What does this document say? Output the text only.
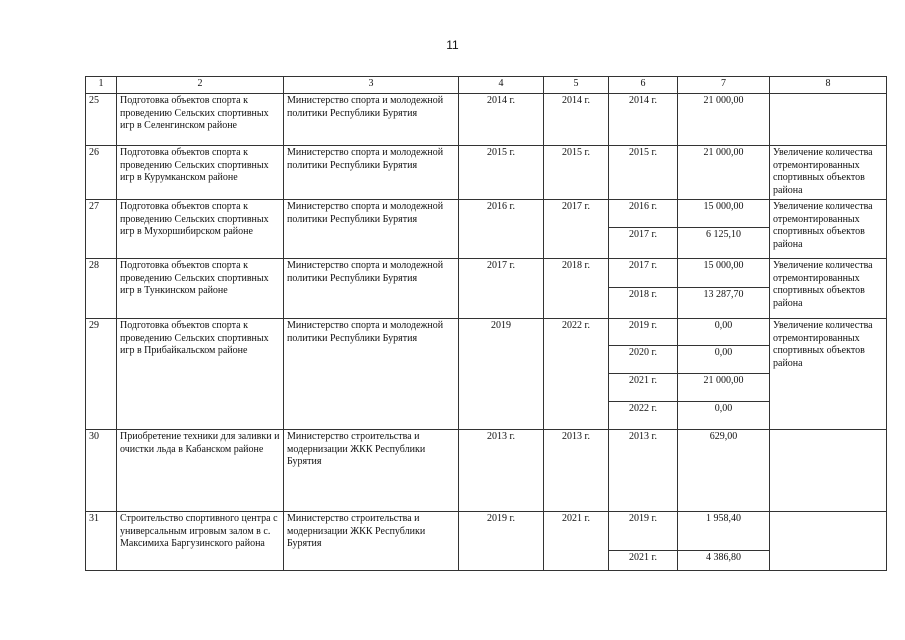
11
1	2	3	4	5	6	7	8
25	Подготовка объектов спорта к проведению Сельских спортивных игр в Селенгинском районе	Министерство спорта и молодежной политики Республики Бурятия	2014 г.	2014 г.	2014 г.	21 000,00	
26	Подготовка объектов спорта к проведению Сельских спортивных игр в Курумканском районе	Министерство спорта и молодежной политики Республики Бурятия	2015 г.	2015 г.	2015 г.	21 000,00	Увеличение количества отремонтированных спортивных объектов района
27	Подготовка объектов спорта к проведению Сельских спортивных игр в Мухоршибирском районе	Министерство спорта и молодежной политики Республики Бурятия	2016 г.	2017 г.	2016 г.	15 000,00	Увеличение количества отремонтированных спортивных объектов района
					2017 г.	6 125,10	
28	Подготовка объектов спорта к проведению Сельских спортивных игр в Тункинском районе	Министерство спорта и молодежной политики Республики Бурятия	2017 г.	2018 г.	2017 г.	15 000,00	Увеличение количества отремонтированных спортивных объектов района
					2018 г.	13 287,70	
29	Подготовка объектов спорта к проведению Сельских спортивных игр в Прибайкальском районе	Министерство спорта и молодежной политики Республики Бурятия	2019	2022 г.	2019 г.	0,00	Увеличение количества отремонтированных спортивных объектов района
					2020 г.	0,00	
					2021 г.	21 000,00	
					2022 г.	0,00	
30	Приобретение техники для заливки и очистки льда в Кабанском районе	Министерство строительства и модернизации ЖКК Республики Бурятия	2013 г.	2013 г.	2013 г.	629,00	
31	Строительство спортивного центра с универсальным игровым залом в с. Максимиха Баргузинского района	Министерство строительства и модернизации ЖКК Республики Бурятия	2019 г.	2021 г.	2019 г.	1 958,40	
					2021 г.	4 386,80	
